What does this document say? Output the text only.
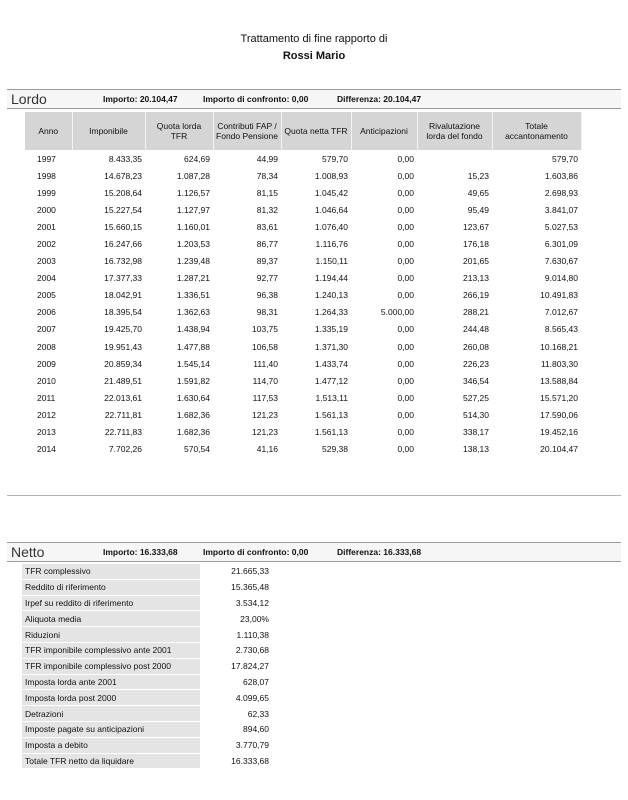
Trattamento di fine rapporto di
Rossi Mario
Lordo	Importo: 20.104,47	Importo di confronto: 0,00	Differenza: 20.104,47
Anno	Imponibile	Quota lorda TFR	Contributi FAP / Fondo Pensione	Quota netta TFR	Anticipazioni	Rivalutazione lorda del fondo	Totale accantonamento
1997	8.433,35	624,69	44,99	579,70	0,00		579,70
1998	14.678,23	1.087,28	78,34	1.008,93	0,00	15,23	1.603,86
1999	15.208,64	1.126,57	81,15	1.045,42	0,00	49,65	2.698,93
2000	15.227,54	1.127,97	81,32	1.046,64	0,00	95,49	3.841,07
2001	15.660,15	1.160,01	83,61	1.076,40	0,00	123,67	5.027,53
2002	16.247,66	1.203,53	86,77	1.116,76	0,00	176,18	6.301,09
2003	16.732,98	1.239,48	89,37	1.150,11	0,00	201,65	7.630,67
2004	17.377,33	1.287,21	92,77	1.194,44	0,00	213,13	9.014,80
2005	18.042,91	1.336,51	96,38	1.240,13	0,00	266,19	10.491,83
2006	18.395,54	1.362,63	98,31	1.264,33	5.000,00	288,21	7.012,67
2007	19.425,70	1.438,94	103,75	1.335,19	0,00	244,48	8.565,43
2008	19.951,43	1.477,88	106,58	1.371,30	0,00	260,08	10.168,21
2009	20.859,34	1.545,14	111,40	1.433,74	0,00	226,23	11.803,30
2010	21.489,51	1.591,82	114,70	1.477,12	0,00	346,54	13.588,84
2011	22.013,61	1.630,64	117,53	1.513,11	0,00	527,25	15.571,20
2012	22.711,81	1.682,36	121,23	1.561,13	0,00	514,30	17.590,06
2013	22.711,83	1.682,36	121,23	1.561,13	0,00	338,17	19.452,16
2014	7.702,26	570,54	41,16	529,38	0,00	138,13	20.104,47
Netto	Importo: 16.333,68	Importo di confronto: 0,00	Differenza: 16.333,68
TFR complessivo		21.665,33
Reddito di riferimento		15.365,48
Irpef su reddito di riferimento		3.534,12
Aliquota media		23,00%
Riduzioni		1.110,38
TFR imponibile complessivo ante 2001		2.730,68
TFR imponibile complessivo post 2000		17.824,27
Imposta lorda ante 2001		628,07
Imposta lorda post 2000		4.099,65
Detrazioni		62,33
Imposte pagate su anticipazioni		894,60
Imposta a debito		3.770,79
Totale TFR netto da liquidare		16.333,68
